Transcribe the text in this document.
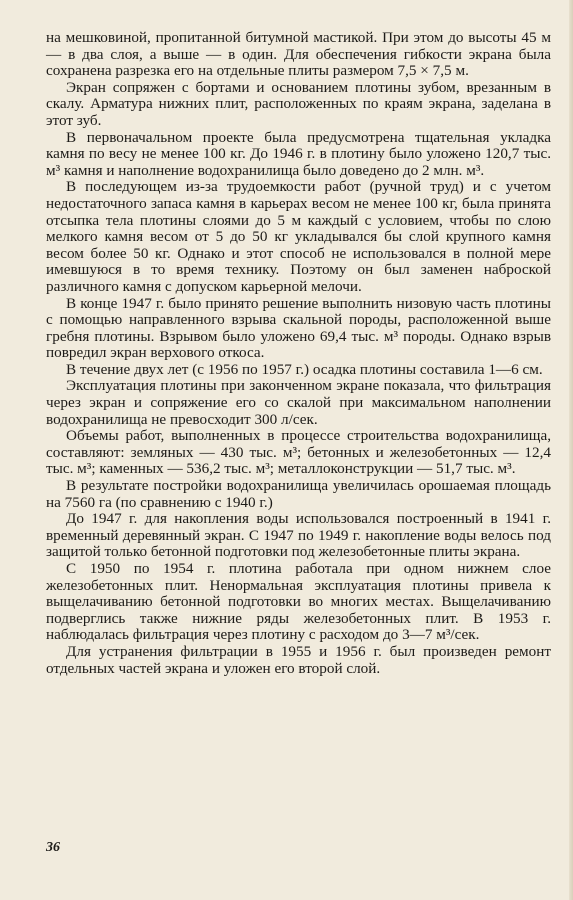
на мешковиной, пропитанной битумной мастикой. При этом до высоты 45 м — в два слоя, а выше — в один. Для обеспечения гибкости экрана была сохранена разрезка его на отдельные плиты размером 7,5 × 7,5 м.

Экран сопряжен с бортами и основанием плотины зубом, врезанным в скалу. Арматура нижних плит, расположенных по краям экрана, заделана в этот зуб.

В первоначальном проекте была предусмотрена тщательная укладка камня по весу не менее 100 кг. До 1946 г. в плотину было уложено 120,7 тыс. м³ камня и наполнение водохранилища было доведено до 2 млн. м³.

В последующем из-за трудоемкости работ (ручной труд) и с учетом недостаточного запаса камня в карьерах весом не менее 100 кг, была принята отсыпка тела плотины слоями до 5 м каждый с условием, чтобы по слою мелкого камня весом от 5 до 50 кг укладывался бы слой крупного камня весом более 50 кг. Однако и этот способ не использовался в полной мере имевшуюся в то время технику. Поэтому он был заменен наброской различного камня с допуском карьерной мелочи.

В конце 1947 г. было принято решение выполнить низовую часть плотины с помощью направленного взрыва скальной породы, расположенной выше гребня плотины. Взрывом было уложено 69,4 тыс. м³ породы. Однако взрыв повредил экран верхового откоса.

В течение двух лет (с 1956 по 1957 г.) осадка плотины составила 1—6 см.

Эксплуатация плотины при законченном экране показала, что фильтрация через экран и сопряжение его со скалой при максимальном наполнении водохранилища не превосходит 300 л/сек.

Объемы работ, выполненных в процессе строительства водохранилища, составляют: земляных — 430 тыс. м³; бетонных и железобетонных — 12,4 тыс. м³; каменных — 536,2 тыс. м³; металлоконструкции — 51,7 тыс. м³.

В результате постройки водохранилища увеличилась орошаемая площадь на 7560 га (по сравнению с 1940 г.)

До 1947 г. для накопления воды использовался построенный в 1941 г. временный деревянный экран. С 1947 по 1949 г. накопление воды велось под защитой только бетонной подготовки под железобетонные плиты экрана.

С 1950 по 1954 г. плотина работала при одном нижнем слое железобетонных плит. Ненормальная эксплуатация плотины привела к выщелачиванию бетонной подготовки во многих местах. Выщелачиванию подверглись также нижние ряды железобетонных плит. В 1953 г. наблюдалась фильтрация через плотину с расходом до 3—7 м³/сек.

Для устранения фильтрации в 1955 и 1956 г. был произведен ремонт отдельных частей экрана и уложен его второй слой.

36
